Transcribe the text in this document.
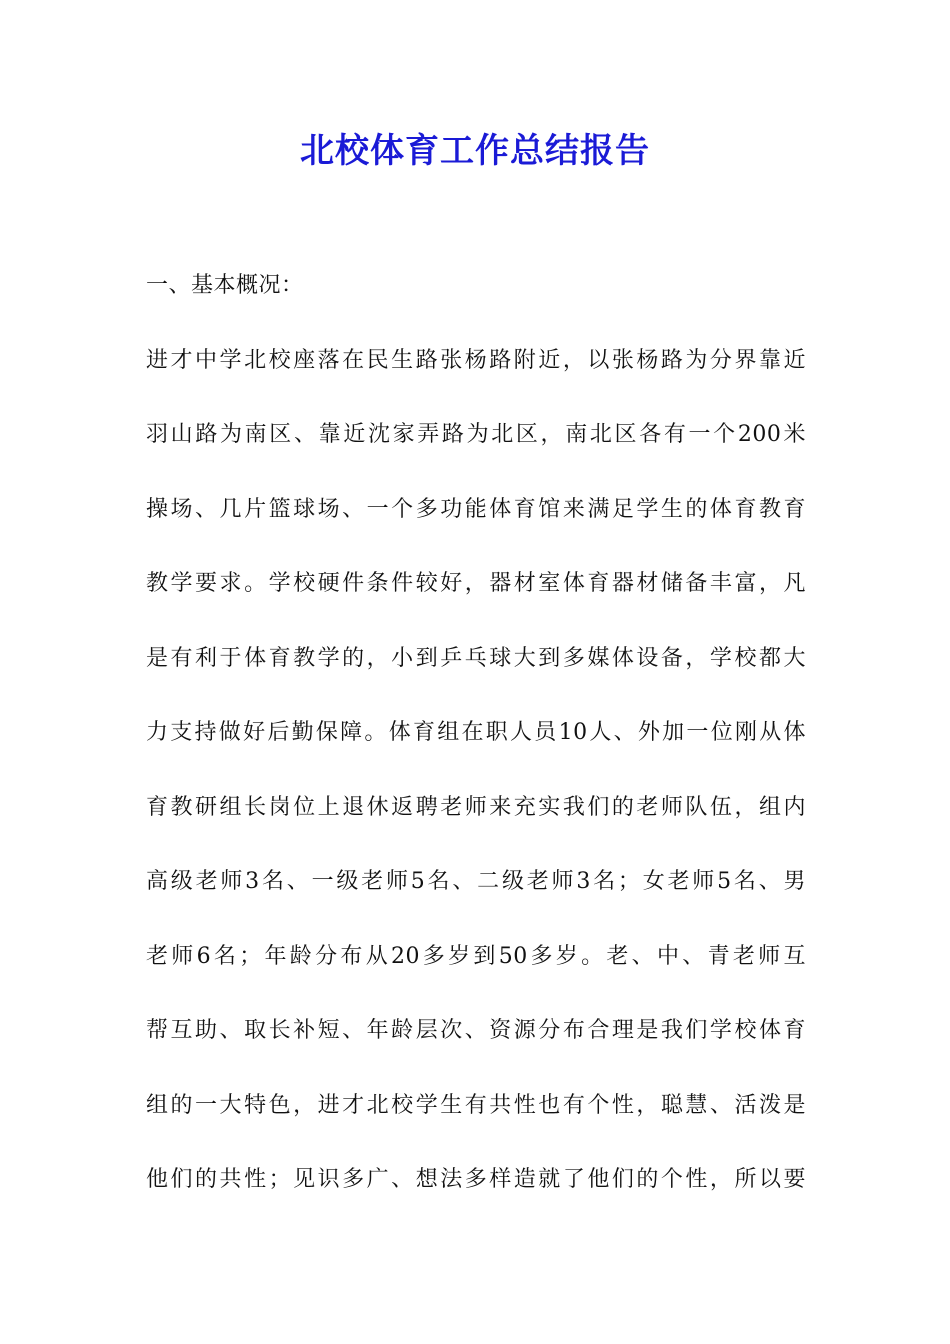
北校体育工作总结报告
一、基本概况：
进才中学北校座落在民生路张杨路附近，以张杨路为分界靠近
羽山路为南区、靠近沈家弄路为北区，南北区各有一个200米
操场、几片篮球场、一个多功能体育馆来满足学生的体育教育
教学要求。学校硬件条件较好，器材室体育器材储备丰富，凡
是有利于体育教学的，小到乒乓球大到多媒体设备，学校都大
力支持做好后勤保障。体育组在职人员10人、外加一位刚从体
育教研组长岗位上退休返聘老师来充实我们的老师队伍，组内
高级老师3名、一级老师5名、二级老师3名；女老师5名、男
老师6名；年龄分布从20多岁到50多岁。老、中、青老师互
帮互助、取长补短、年龄层次、资源分布合理是我们学校体育
组的一大特色，进才北校学生有共性也有个性，聪慧、活泼是
他们的共性；见识多广、想法多样造就了他们的个性，所以要
